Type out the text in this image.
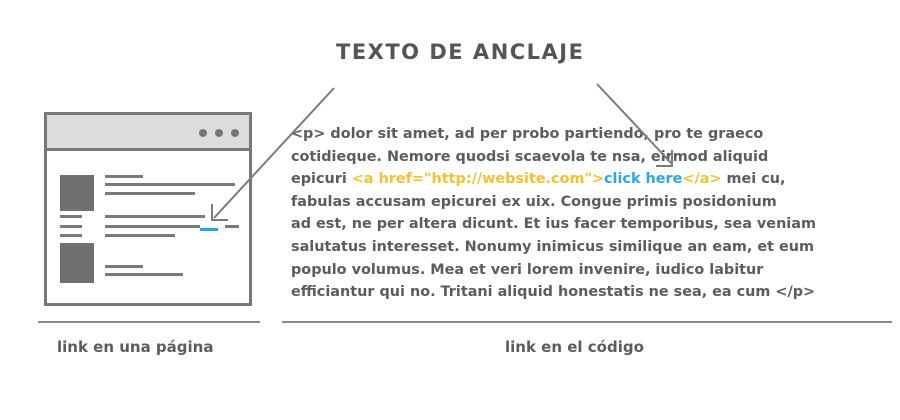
TEXTO DE ANCLAJE
<p> dolor sit amet, ad per probo partiendo, pro te graeco
cotidieque. Nemore quodsi scaevola te nsa, eirmod aliquid
epicuri <a href="http://website.com">click here</a> mei cu,
fabulas accusam epicurei ex uix. Congue primis posidonium
ad est, ne per altera dicunt. Et ius facer temporibus, sea veniam
salutatus interesset. Nonumy inimicus similique an eam, et eum
populo volumus. Mea et veri lorem invenire, iudico labitur
efficiantur qui no. Tritani aliquid honestatis ne sea, ea cum </p>
link en una página	link en el código
